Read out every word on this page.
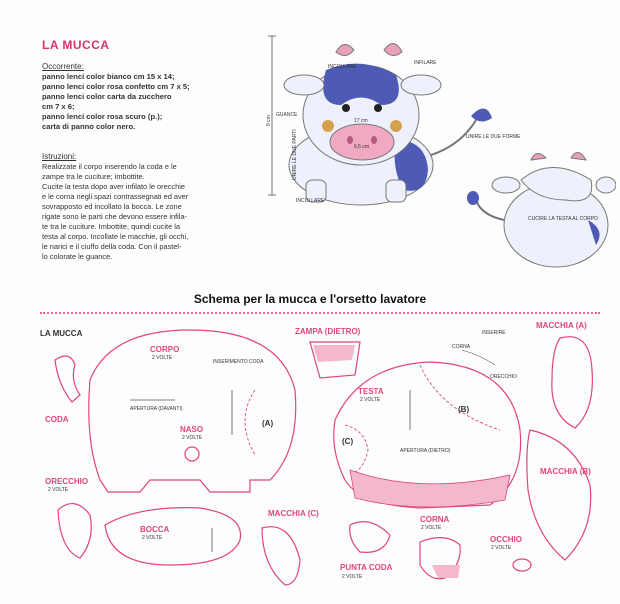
LA MUCCA
Occorrente:
panno lenci color bianco cm 15 x 14;
panno lenci color rosa confetto cm 7 x 5;
panno lenci color carta da zucchero
cm 7 x 6;
panno lenci color rosa scuro (p.);
carta di panno color nero.
Istruzioni:
Realizzate il corpo inserendo la coda e le
zampe tra le cuciture; imbottite.
Cucite la testa dopo aver infilato le orecchie
e le corna negli spazi contrassegnati ed aver
sovrapposto ed incollato la bocca. Le zone
rigate sono le parti che devono essere infila-
te tra le cuciture. Imbottite, quindi cucite la
testa al corpo. Incollate le macchie, gli occhi,
le narici e il ciuffo della coda. Con il pastel-
lo colorate le guance.
9 cm
INCOLLARE
INFILARE
GUANCE
17 cm
6,5 cm
UNIRE LE DUE PARTI
INCOLLARE
UNIRE LE DUE FORME
CUCIRE LA TESTA AL CORPO
Schema per la mucca e l'orsetto lavatore
LA MUCCA
CODA
CORPO
2 VOLTE
INSERIMENTO CODA
APERTURA (DAVANTI)
NASO
2 VOLTE
(A)
ORECCHIO
2 VOLTE
BOCCA
2 VOLTE
MACCHIA (C)
ZAMPA (DIETRO)
TESTA
2 VOLTE
(B)
(C)
APERTURA (DIETRO)
CORNA
INSERIRE
ORECCHIO
MACCHIA (A)
MACCHIA (B)
CORNA
2 VOLTE
OCCHIO
2 VOLTE
PUNTA CODA
2 VOLTE
